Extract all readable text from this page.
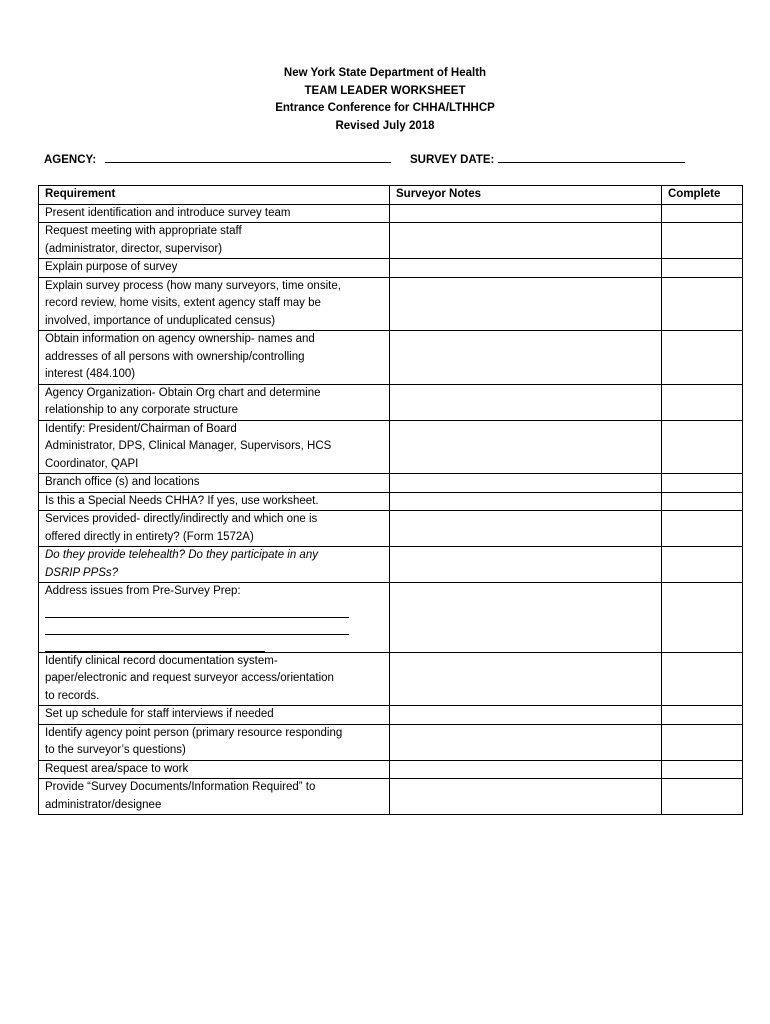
New York State Department of Health
TEAM LEADER WORKSHEET
Entrance Conference for CHHA/LTHHCP
Revised July 2018
AGENCY:	SURVEY DATE:
Requirement	Surveyor Notes	Complete
Present identification and introduce survey team		
Request meeting with appropriate staff
(administrator, director, supervisor)		
Explain purpose of survey		
Explain survey process (how many surveyors, time onsite,
record review, home visits, extent agency staff may be
involved, importance of unduplicated census)		
Obtain information on agency ownership- names and
addresses of all persons with ownership/controlling
interest (484.100)		
Agency Organization- Obtain Org chart and determine
relationship to any corporate structure		
Identify: President/Chairman of Board
Administrator, DPS, Clinical Manager, Supervisors, HCS
Coordinator, QAPI		
Branch office (s) and locations		
Is this a Special Needs CHHA? If yes, use worksheet.		
Services provided- directly/indirectly and which one is
offered directly in entirety? (Form 1572A)		
Do they provide telehealth? Do they participate in any
DSRIP PPSs?		

Address issues from Pre-Survey Prep:		

Identify clinical record documentation system-
paper/electronic and request surveyor access/orientation
to records.		
Set up schedule for staff interviews if needed		
Identify agency point person (primary resource responding
to the surveyor’s questions)		
Request area/space to work		
Provide “Survey Documents/Information Required” to
administrator/designee		
